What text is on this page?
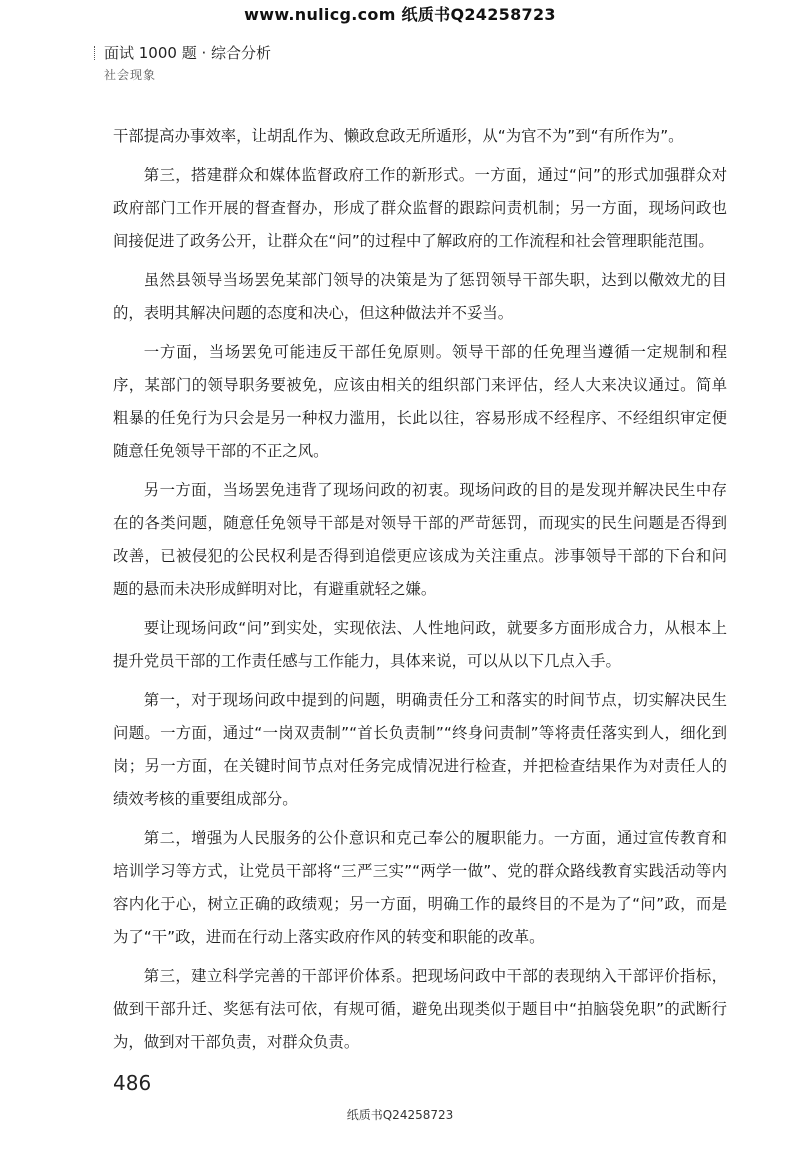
www.nulicg.com 纸质书Q24258723
面试 1000 题 · 综合分析
社会现象

干部提高办事效率，让胡乱作为、懒政怠政无所遁形，从“为官不为”到“有所作为”。

第三，搭建群众和媒体监督政府工作的新形式。一方面，通过“问”的形式加强群众对政府部门工作开展的督查督办，形成了群众监督的跟踪问责机制；另一方面，现场问政也间接促进了政务公开，让群众在“问”的过程中了解政府的工作流程和社会管理职能范围。

虽然县领导当场罢免某部门领导的决策是为了惩罚领导干部失职，达到以儆效尤的目的，表明其解决问题的态度和决心，但这种做法并不妥当。

一方面，当场罢免可能违反干部任免原则。领导干部的任免理当遵循一定规制和程序，某部门的领导职务要被免，应该由相关的组织部门来评估，经人大来决议通过。简单粗暴的任免行为只会是另一种权力滥用，长此以往，容易形成不经程序、不经组织审定便随意任免领导干部的不正之风。

另一方面，当场罢免违背了现场问政的初衷。现场问政的目的是发现并解决民生中存在的各类问题，随意任免领导干部是对领导干部的严苛惩罚，而现实的民生问题是否得到改善，已被侵犯的公民权利是否得到追偿更应该成为关注重点。涉事领导干部的下台和问题的悬而未决形成鲜明对比，有避重就轻之嫌。

要让现场问政“问”到实处，实现依法、人性地问政，就要多方面形成合力，从根本上提升党员干部的工作责任感与工作能力，具体来说，可以从以下几点入手。

第一，对于现场问政中提到的问题，明确责任分工和落实的时间节点，切实解决民生问题。一方面，通过“一岗双责制”“首长负责制”“终身问责制”等将责任落实到人，细化到岗；另一方面，在关键时间节点对任务完成情况进行检查，并把检查结果作为对责任人的绩效考核的重要组成部分。

第二，增强为人民服务的公仆意识和克己奉公的履职能力。一方面，通过宣传教育和培训学习等方式，让党员干部将“三严三实”“两学一做”、党的群众路线教育实践活动等内容内化于心，树立正确的政绩观；另一方面，明确工作的最终目的不是为了“问”政，而是为了“干”政，进而在行动上落实政府作风的转变和职能的改革。

第三，建立科学完善的干部评价体系。把现场问政中干部的表现纳入干部评价指标，做到干部升迁、奖惩有法可依，有规可循，避免出现类似于题目中“拍脑袋免职”的武断行为，做到对干部负责，对群众负责。

486
纸质书Q24258723
